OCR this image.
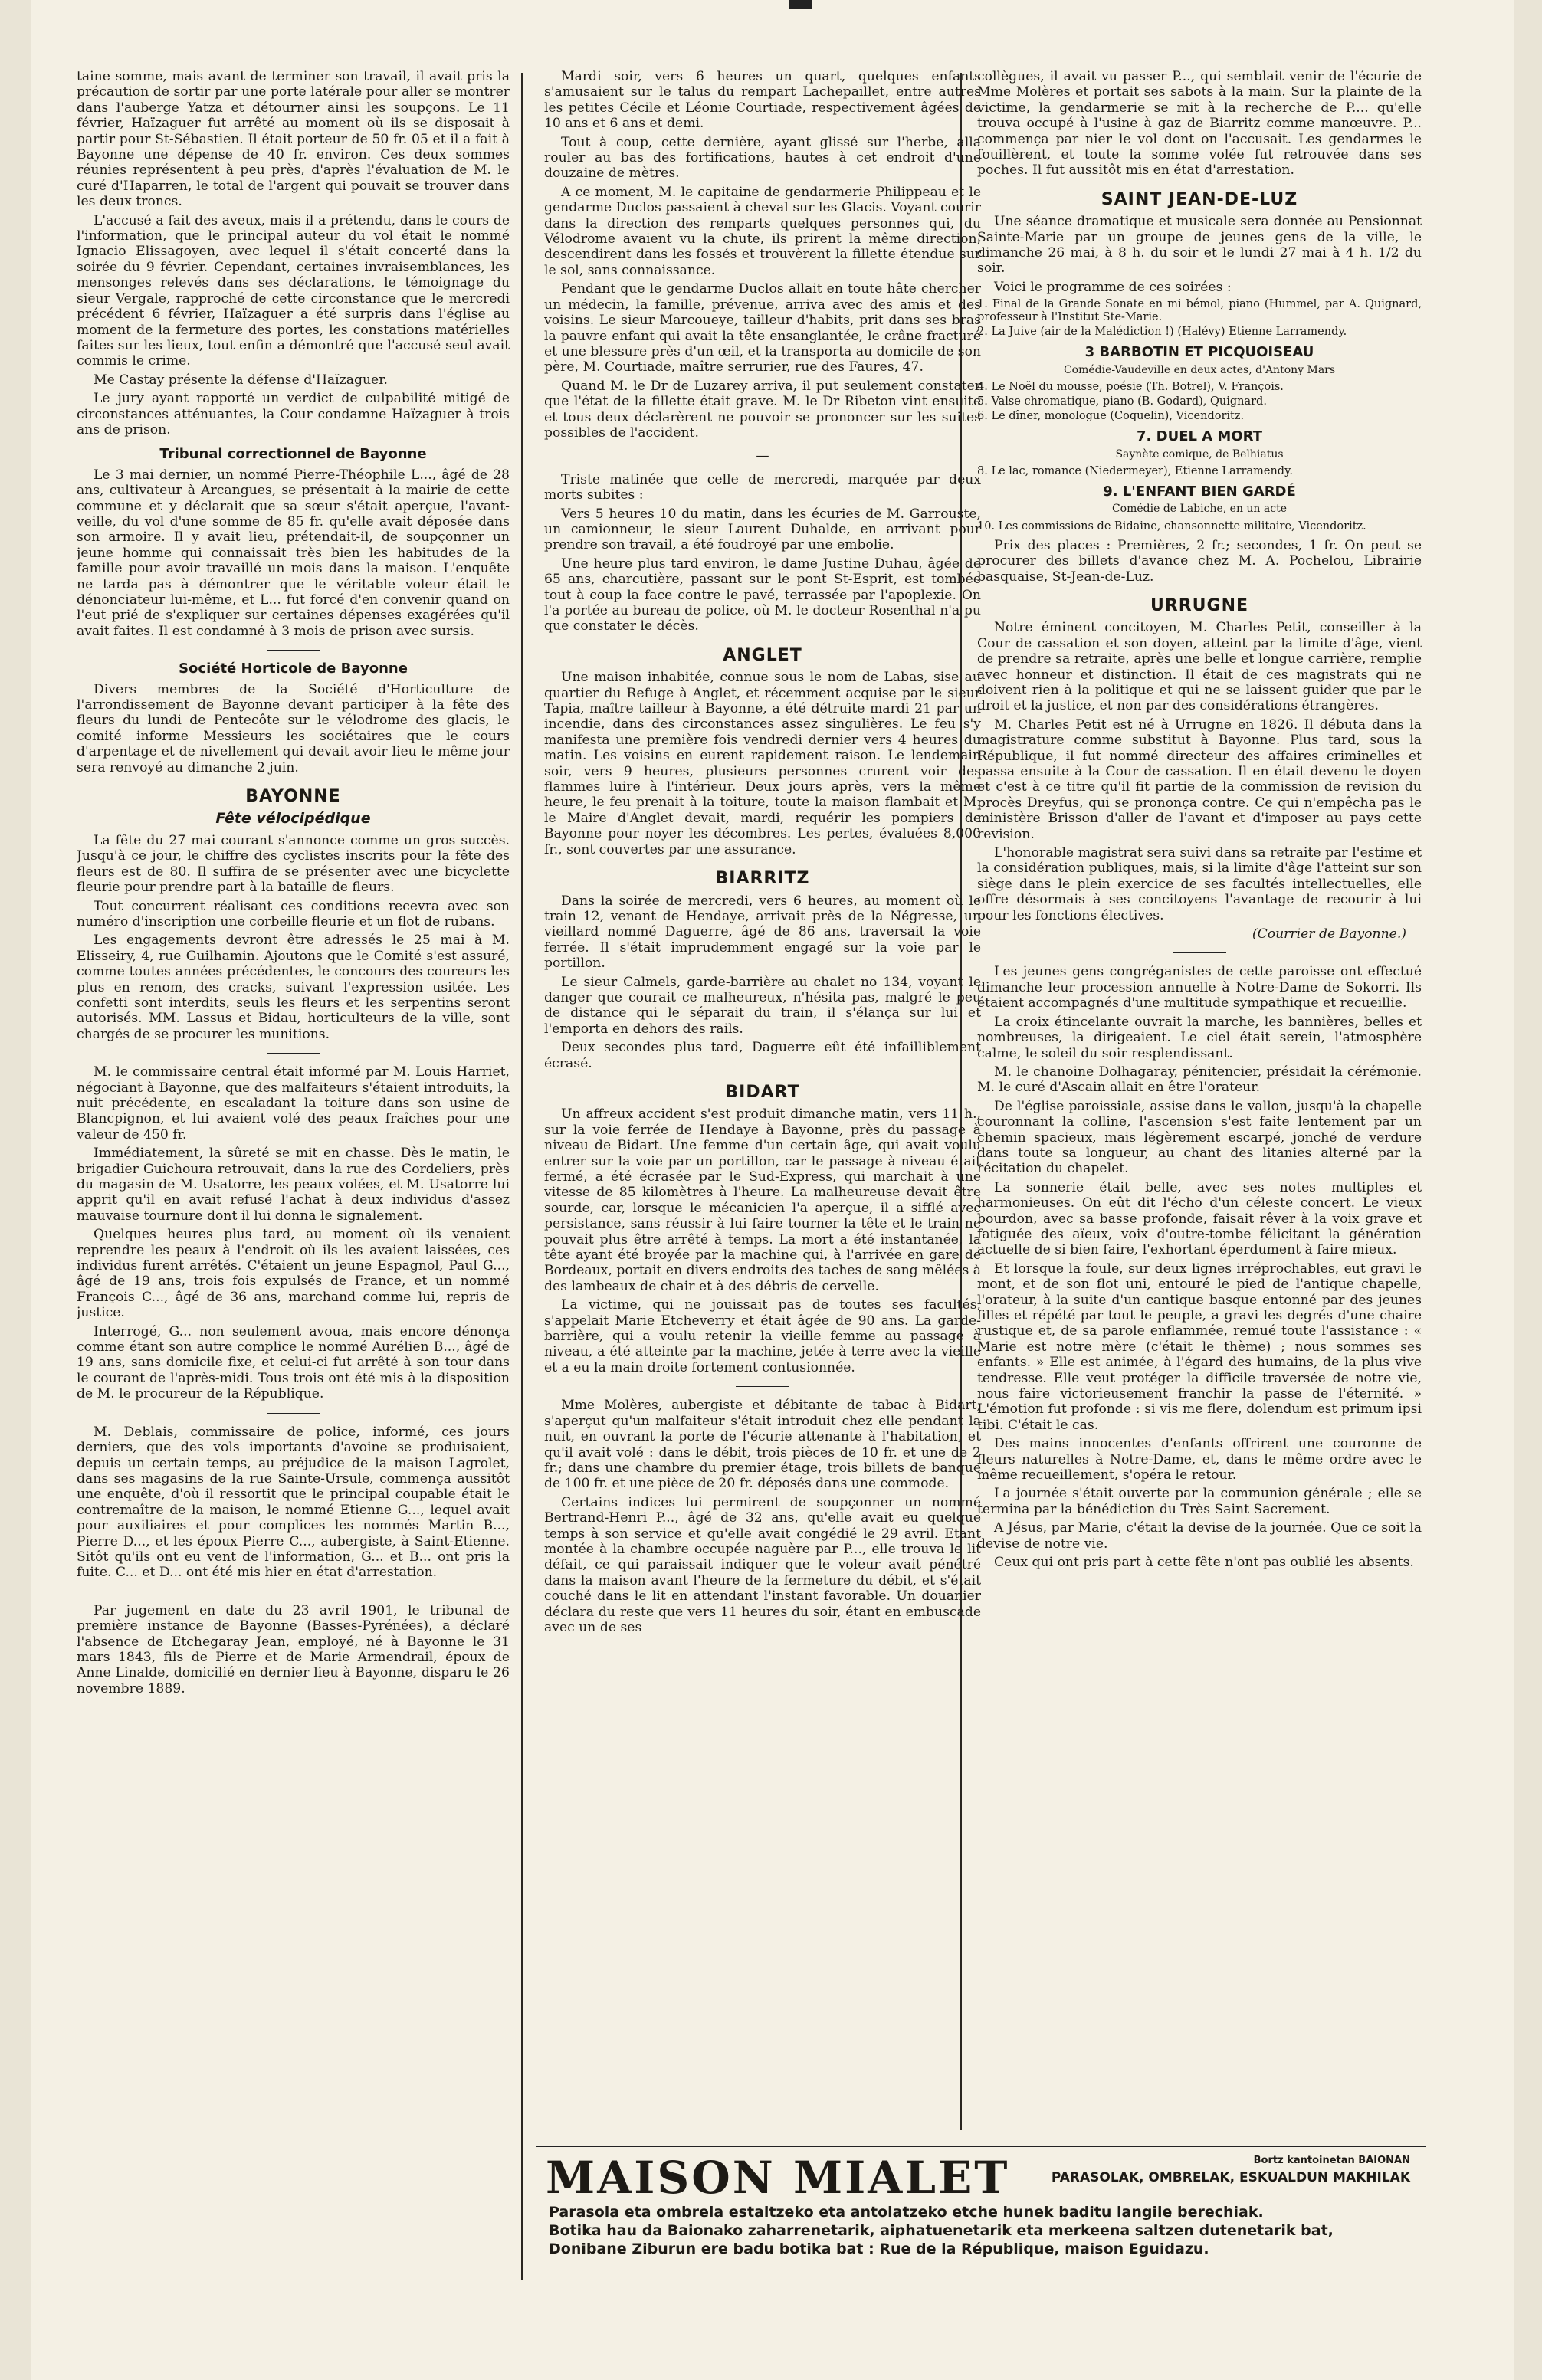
taine somme, mais avant de terminer son travail, il avait pris la précaution de sortir par une porte latérale pour aller se montrer dans l'auberge Yatza et détourner ainsi les soupçons. Le 11 février, Haïzaguer fut arrêté au moment où ils se disposait à partir pour St-Sébastien. Il était porteur de 50 fr. 05 et il a fait à Bayonne une dépense de 40 fr. environ. Ces deux sommes réunies représentent à peu près, d'après l'évaluation de M. le curé d'Haparren, le total de l'argent qui pouvait se trouver dans les deux troncs.

L'accusé a fait des aveux, mais il a prétendu, dans le cours de l'information, que le principal auteur du vol était le nommé Ignacio Elissagoyen, avec lequel il s'était concerté dans la soirée du 9 février. Cependant, certaines invraisemblances, les mensonges relevés dans ses déclarations, le témoignage du sieur Vergale, rapproché de cette circonstance que le mercredi précédent 6 février, Haïzaguer a été surpris dans l'église au moment de la fermeture des portes, les constations matérielles faites sur les lieux, tout enfin a démontré que l'accusé seul avait commis le crime.

Me Castay présente la défense d'Haïzaguer.

Le jury ayant rapporté un verdict de culpabilité mitigé de circonstances atténuantes, la Cour condamne Haïzaguer à trois ans de prison.

Tribunal correctionnel de Bayonne

Le 3 mai dernier, un nommé Pierre-Théophile L..., âgé de 28 ans, cultivateur à Arcangues, se présentait à la mairie de cette commune et y déclarait que sa sœur s'était aperçue, l'avant-veille, du vol d'une somme de 85 fr. qu'elle avait déposée dans son armoire. Il y avait lieu, prétendait-il, de soupçonner un jeune homme qui connaissait très bien les habitudes de la famille pour avoir travaillé un mois dans la maison. L'enquête ne tarda pas à démontrer que le véritable voleur était le dénonciateur lui-même, et L... fut forcé d'en convenir quand on l'eut prié de s'expliquer sur certaines dépenses exagérées qu'il avait faites. Il est condamné à 3 mois de prison avec sursis.

Société Horticole de Bayonne

Divers membres de la Société d'Horticulture de l'arrondissement de Bayonne devant participer à la fête des fleurs du lundi de Pentecôte sur le vélodrome des glacis, le comité informe Messieurs les sociétaires que le cours d'arpentage et de nivellement qui devait avoir lieu le même jour sera renvoyé au dimanche 2 juin.

BAYONNE
Fête vélocipédique

La fête du 27 mai courant s'annonce comme un gros succès. Jusqu'à ce jour, le chiffre des cyclistes inscrits pour la fête des fleurs est de 80. Il suffira de se présenter avec une bicyclette fleurie pour prendre part à la bataille de fleurs.

Tout concurrent réalisant ces conditions recevra avec son numéro d'inscription une corbeille fleurie et un flot de rubans.

Les engagements devront être adressés le 25 mai à M. Elisseiry, 4, rue Guilhamin. Ajoutons que le Comité s'est assuré, comme toutes années précédentes, le concours des coureurs les plus en renom, des cracks, suivant l'expression usitée. Les confetti sont interdits, seuls les fleurs et les serpentins seront autorisés. MM. Lassus et Bidau, horticulteurs de la ville, sont chargés de se procurer les munitions.

M. le commissaire central était informé par M. Louis Harriet, négociant à Bayonne, que des malfaiteurs s'étaient introduits, la nuit précédente, en escaladant la toiture dans son usine de Blancpignon, et lui avaient volé des peaux fraîches pour une valeur de 450 fr.

Immédiatement, la sûreté se mit en chasse. Dès le matin, le brigadier Guichoura retrouvait, dans la rue des Cordeliers, près du magasin de M. Usatorre, les peaux volées, et M. Usatorre lui apprit qu'il en avait refusé l'achat à deux individus d'assez mauvaise tournure dont il lui donna le signalement.

Quelques heures plus tard, au moment où ils venaient reprendre les peaux à l'endroit où ils les avaient laissées, ces individus furent arrêtés. C'étaient un jeune Espagnol, Paul G..., âgé de 19 ans, trois fois expulsés de France, et un nommé François C..., âgé de 36 ans, marchand comme lui, repris de justice.

Interrogé, G... non seulement avoua, mais encore dénonça comme étant son autre complice le nommé Aurélien B..., âgé de 19 ans, sans domicile fixe, et celui-ci fut arrêté à son tour dans le courant de l'après-midi. Tous trois ont été mis à la disposition de M. le procureur de la République.

M. Deblais, commissaire de police, informé, ces jours derniers, que des vols importants d'avoine se produisaient, depuis un certain temps, au préjudice de la maison Lagrolet, dans ses magasins de la rue Sainte-Ursule, commença aussitôt une enquête, d'où il ressortit que le principal coupable était le contremaître de la maison, le nommé Etienne G..., lequel avait pour auxiliaires et pour complices les nommés Martin B..., Pierre D..., et les époux Pierre C..., aubergiste, à Saint-Etienne. Sitôt qu'ils ont eu vent de l'information, G... et B... ont pris la fuite. C... et D... ont été mis hier en état d'arrestation.

Par jugement en date du 23 avril 1901, le tribunal de première instance de Bayonne (Basses-Pyrénées), a déclaré l'absence de Etchegaray Jean, employé, né à Bayonne le 31 mars 1843, fils de Pierre et de Marie Armendrail, époux de Anne Linalde, domicilié en dernier lieu à Bayonne, disparu le 26 novembre 1889.

Mardi soir, vers 6 heures un quart, quelques enfants s'amusaient sur le talus du rempart Lachepaillet, entre autres les petites Cécile et Léonie Courtiade, respectivement âgées de 10 ans et 6 ans et demi.

Tout à coup, cette dernière, ayant glissé sur l'herbe, alla rouler au bas des fortifications, hautes à cet endroit d'une douzaine de mètres.

A ce moment, M. le capitaine de gendarmerie Philippeau et le gendarme Duclos passaient à cheval sur les Glacis. Voyant courir dans la direction des remparts quelques personnes qui, du Vélodrome avaient vu la chute, ils prirent la même direction, descendirent dans les fossés et trouvèrent la fillette étendue sur le sol, sans connaissance.

Pendant que le gendarme Duclos allait en toute hâte chercher un médecin, la famille, prévenue, arriva avec des amis et des voisins. Le sieur Marcoueye, tailleur d'habits, prit dans ses bras la pauvre enfant qui avait la tête ensanglantée, le crâne fracturé et une blessure près d'un œil, et la transporta au domicile de son père, M. Courtiade, maître serrurier, rue des Faures, 47.

Quand M. le Dr de Luzarey arriva, il put seulement constater que l'état de la fillette était grave. M. le Dr Ribeton vint ensuite et tous deux déclarèrent ne pouvoir se prononcer sur les suites possibles de l'accident.

—

Triste matinée que celle de mercredi, marquée par deux morts subites :

Vers 5 heures 10 du matin, dans les écuries de M. Garrouste, un camionneur, le sieur Laurent Duhalde, en arrivant pour prendre son travail, a été foudroyé par une embolie.

Une heure plus tard environ, le dame Justine Duhau, âgée de 65 ans, charcutière, passant sur le pont St-Esprit, est tombée tout à coup la face contre le pavé, terrassée par l'apoplexie. On l'a portée au bureau de police, où M. le docteur Rosenthal n'a pu que constater le décès.

ANGLET

Une maison inhabitée, connue sous le nom de Labas, sise au quartier du Refuge à Anglet, et récemment acquise par le sieur Tapia, maître tailleur à Bayonne, a été détruite mardi 21 par un incendie, dans des circonstances assez singulières. Le feu s'y manifesta une première fois vendredi dernier vers 4 heures du matin. Les voisins en eurent rapidement raison. Le lendemain soir, vers 9 heures, plusieurs personnes crurent voir des flammes luire à l'intérieur. Deux jours après, vers la même heure, le feu prenait à la toiture, toute la maison flambait et M. le Maire d'Anglet devait, mardi, requérir les pompiers de Bayonne pour noyer les décombres. Les pertes, évaluées 8,000 fr., sont couvertes par une assurance.

BIARRITZ

Dans la soirée de mercredi, vers 6 heures, au moment où le train 12, venant de Hendaye, arrivait près de la Négresse, un vieillard nommé Daguerre, âgé de 86 ans, traversait la voie ferrée. Il s'était imprudemment engagé sur la voie par le portillon.

Le sieur Calmels, garde-barrière au chalet no 134, voyant le danger que courait ce malheureux, n'hésita pas, malgré le peu de distance qui le séparait du train, il s'élança sur lui et l'emporta en dehors des rails.

Deux secondes plus tard, Daguerre eût été infailliblement écrasé.

BIDART

Un affreux accident s'est produit dimanche matin, vers 11 h., sur la voie ferrée de Hendaye à Bayonne, près du passage à niveau de Bidart. Une femme d'un certain âge, qui avait voulu entrer sur la voie par un portillon, car le passage à niveau était fermé, a été écrasée par le Sud-Express, qui marchait à une vitesse de 85 kilomètres à l'heure. La malheureuse devait être sourde, car, lorsque le mécanicien l'a aperçue, il a sifflé avec persistance, sans réussir à lui faire tourner la tête et le train ne pouvait plus être arrêté à temps. La mort a été instantanée, la tête ayant été broyée par la machine qui, à l'arrivée en gare de Bordeaux, portait en divers endroits des taches de sang mêlées à des lambeaux de chair et à des débris de cervelle.

La victime, qui ne jouissait pas de toutes ses facultés, s'appelait Marie Etcheverry et était âgée de 90 ans. La garde-barrière, qui a voulu retenir la vieille femme au passage à niveau, a été atteinte par la machine, jetée à terre avec la vieille et a eu la main droite fortement contusionnée.

Mme Molères, aubergiste et débitante de tabac à Bidart, s'aperçut qu'un malfaiteur s'était introduit chez elle pendant la nuit, en ouvrant la porte de l'écurie attenante à l'habitation, et qu'il avait volé : dans le débit, trois pièces de 10 fr. et une de 2 fr.; dans une chambre du premier étage, trois billets de banque de 100 fr. et une pièce de 20 fr. déposés dans une commode.

Certains indices lui permirent de soupçonner un nommé Bertrand-Henri P..., âgé de 32 ans, qu'elle avait eu quelque temps à son service et qu'elle avait congédié le 29 avril. Etant montée à la chambre occupée naguère par P..., elle trouva le lit défait, ce qui paraissait indiquer que le voleur avait pénétré dans la maison avant l'heure de la fermeture du débit, et s'était couché dans le lit en attendant l'instant favorable. Un douanier déclara du reste que vers 11 heures du soir, étant en embuscade avec un de ses

collègues, il avait vu passer P..., qui semblait venir de l'écurie de Mme Molères et portait ses sabots à la main. Sur la plainte de la victime, la gendarmerie se mit à la recherche de P.... qu'elle trouva occupé à l'usine à gaz de Biarritz comme manœuvre. P... commença par nier le vol dont on l'accusait. Les gendarmes le fouillèrent, et toute la somme volée fut retrouvée dans ses poches. Il fut aussitôt mis en état d'arrestation.

SAINT JEAN-DE-LUZ

Une séance dramatique et musicale sera donnée au Pensionnat Sainte-Marie par un groupe de jeunes gens de la ville, le dimanche 26 mai, à 8 h. du soir et le lundi 27 mai à 4 h. 1/2 du soir.

Voici le programme de ces soirées :

1. Final de la Grande Sonate en mi bémol, piano (Hummel, par A. Quignard, professeur à l'Institut Ste-Marie.
2. La Juive (air de la Malédiction !) (Halévy) Etienne Larramendy.
3 BARBOTIN ET PICQUOISEAU
Comédie-Vaudeville en deux actes, d'Antony Mars
4. Le Noël du mousse, poésie (Th. Botrel), V. François.
5. Valse chromatique, piano (B. Godard), Quignard.
6. Le dîner, monologue (Coquelin), Vicendoritz.
7. DUEL A MORT
Saynète comique, de Belhiatus
8. Le lac, romance (Niedermeyer), Etienne Larramendy.
9. L'ENFANT BIEN GARDÉ
Comédie de Labiche, en un acte
10. Les commissions de Bidaine, chansonnette militaire, Vicendoritz.

Prix des places : Premières, 2 fr.; secondes, 1 fr. On peut se procurer des billets d'avance chez M. A. Pochelou, Librairie basquaise, St-Jean-de-Luz.

URRUGNE

Notre éminent concitoyen, M. Charles Petit, conseiller à la Cour de cassation et son doyen, atteint par la limite d'âge, vient de prendre sa retraite, après une belle et longue carrière, remplie avec honneur et distinction. Il était de ces magistrats qui ne doivent rien à la politique et qui ne se laissent guider que par le droit et la justice, et non par des considérations étrangères.

M. Charles Petit est né à Urrugne en 1826. Il débuta dans la magistrature comme substitut à Bayonne. Plus tard, sous la République, il fut nommé directeur des affaires criminelles et passa ensuite à la Cour de cassation. Il en était devenu le doyen et c'est à ce titre qu'il fit partie de la commission de revision du procès Dreyfus, qui se prononça contre. Ce qui n'empêcha pas le ministère Brisson d'aller de l'avant et d'imposer au pays cette revision.

L'honorable magistrat sera suivi dans sa retraite par l'estime et la considération publiques, mais, si la limite d'âge l'atteint sur son siège dans le plein exercice de ses facultés intellectuelles, elle offre désormais à ses concitoyens l'avantage de recourir à lui pour les fonctions électives.

(Courrier de Bayonne.)

Les jeunes gens congréganistes de cette paroisse ont effectué dimanche leur procession annuelle à Notre-Dame de Sokorri. Ils étaient accompagnés d'une multitude sympathique et recueillie.

La croix étincelante ouvrait la marche, les bannières, belles et nombreuses, la dirigeaient. Le ciel était serein, l'atmosphère calme, le soleil du soir resplendissant.

M. le chanoine Dolhagaray, pénitencier, présidait la cérémonie. M. le curé d'Ascain allait en être l'orateur.

De l'église paroissiale, assise dans le vallon, jusqu'à la chapelle couronnant la colline, l'ascension s'est faite lentement par un chemin spacieux, mais légèrement escarpé, jonché de verdure dans toute sa longueur, au chant des litanies alterné par la récitation du chapelet.

La sonnerie était belle, avec ses notes multiples et harmonieuses. On eût dit l'écho d'un céleste concert. Le vieux bourdon, avec sa basse profonde, faisait rêver à la voix grave et fatiguée des aïeux, voix d'outre-tombe félicitant la génération actuelle de si bien faire, l'exhortant éperdument à faire mieux.

Et lorsque la foule, sur deux lignes irréprochables, eut gravi le mont, et de son flot uni, entouré le pied de l'antique chapelle, l'orateur, à la suite d'un cantique basque entonné par des jeunes filles et répété par tout le peuple, a gravi les degrés d'une chaire rustique et, de sa parole enflammée, remué toute l'assistance : « Marie est notre mère (c'était le thème) ; nous sommes ses enfants. » Elle est animée, à l'égard des humains, de la plus vive tendresse. Elle veut protéger la difficile traversée de notre vie, nous faire victorieusement franchir la passe de l'éternité. » L'émotion fut profonde : si vis me flere, dolendum est primum ipsi tibi. C'était le cas.

Des mains innocentes d'enfants offrirent une couronne de fleurs naturelles à Notre-Dame, et, dans le même ordre avec le même recueillement, s'opéra le retour.

La journée s'était ouverte par la communion générale ; elle se termina par la bénédiction du Très Saint Sacrement.

A Jésus, par Marie, c'était la devise de la journée. Que ce soit la devise de notre vie.

Ceux qui ont pris part à cette fête n'ont pas oublié les absents.

MAISON MIALET	Bortz kantoinetan BAIONAN
PARASOLAK, OMBRELAK, ESKUALDUN MAKHILAK
Parasola eta ombrela estaltzeko eta antolatzeko etche hunek baditu langile berechiak.
Botika hau da Baionako zaharrenetarik, aiphatuenetarik eta merkeena saltzen dutenetarik bat,
Donibane Ziburun ere badu botika bat : Rue de la République, maison Eguidazu.
